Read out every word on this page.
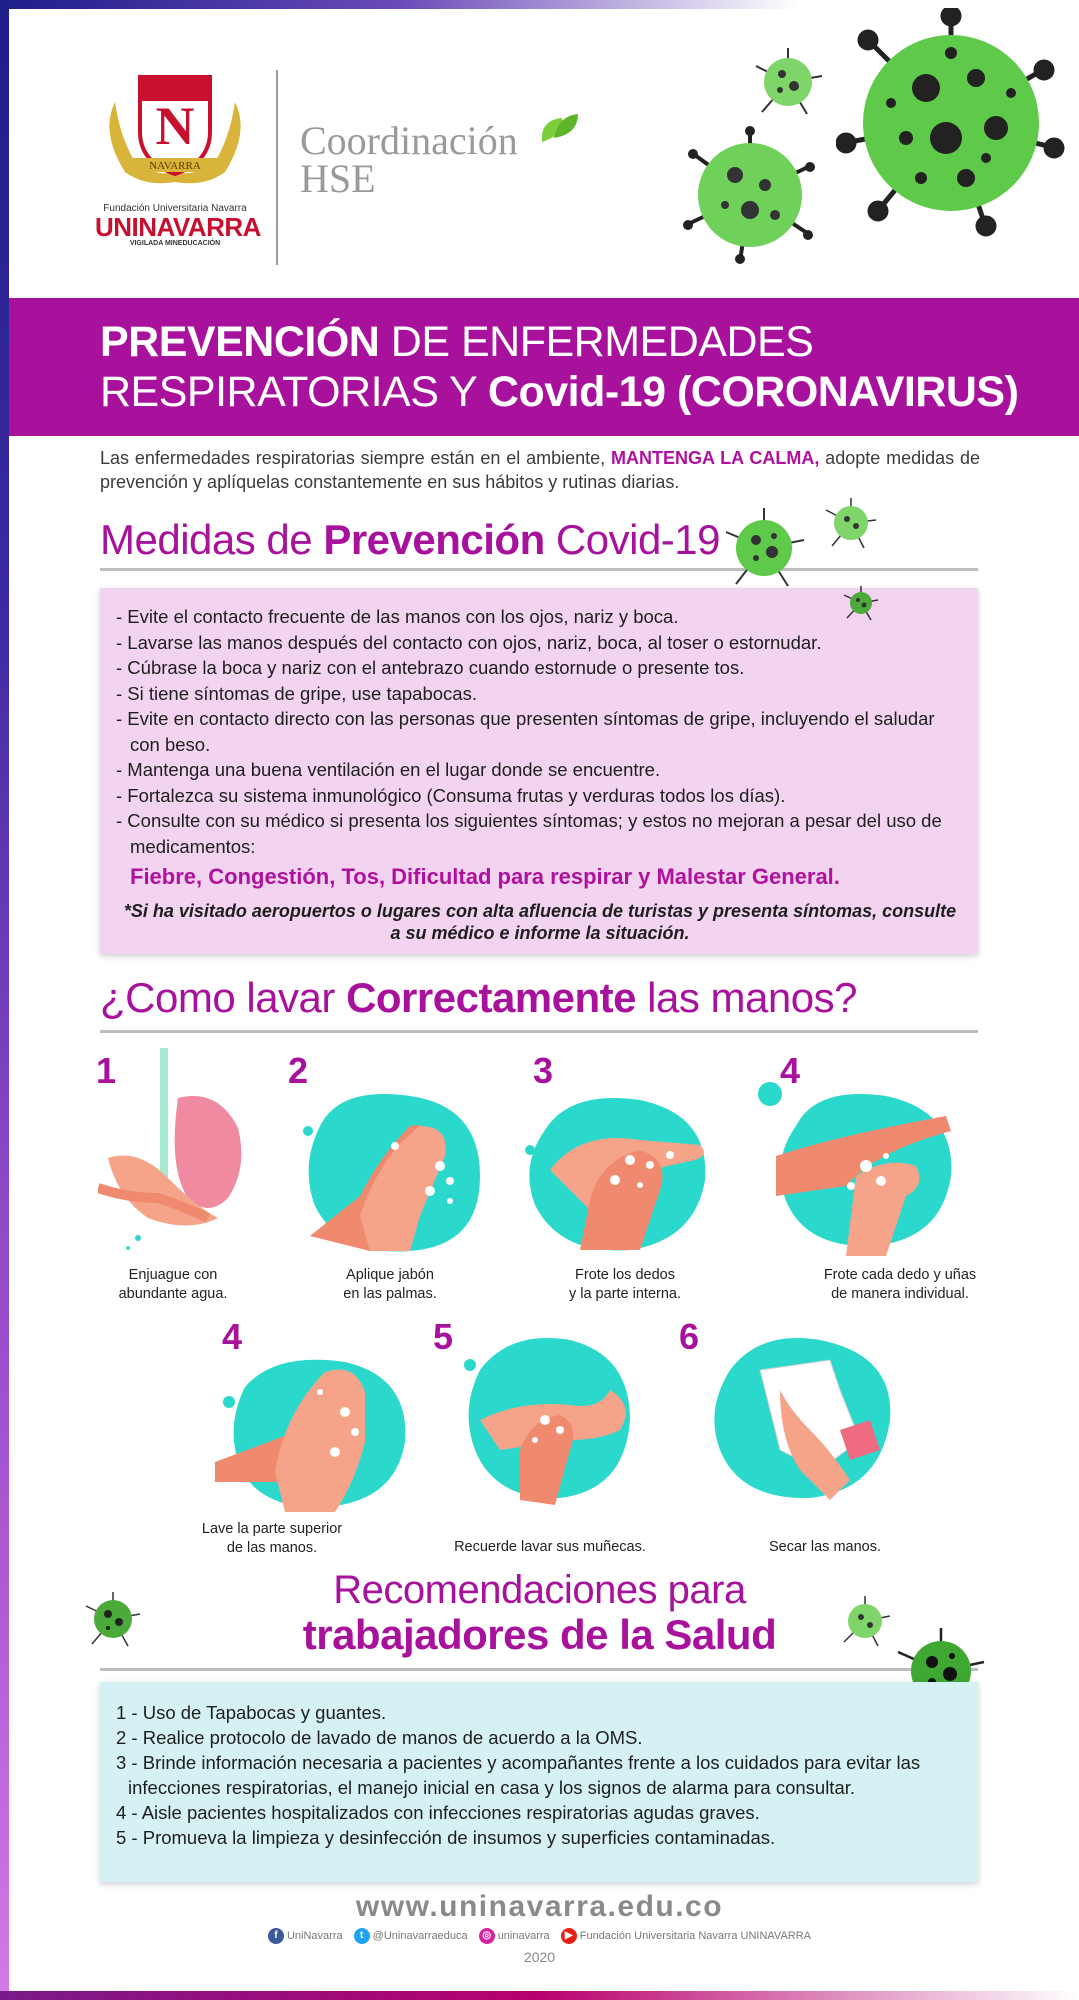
N
NAVARRA
Fundación Universitaria Navarra
UNINAVARRA
VIGILADA MINEDUCACIÓN
Coordinación
HSE
PREVENCIÓN DE ENFERMEDADES
RESPIRATORIAS Y Covid-19 (CORONAVIRUS)

Las enfermedades respiratorias siempre están en el ambiente, MANTENGA LA CALMA, adopte medidas de prevención y aplíquelas constantemente en sus hábitos y rutinas diarias.

Medidas de Prevención Covid-19
- Evite el contacto frecuente de las manos con los ojos, nariz y boca.
- Lavarse las manos después del contacto con ojos, nariz, boca, al toser o estornudar.
- Cúbrase la boca y nariz con el antebrazo cuando estornude o presente tos.
- Si tiene síntomas de gripe, use tapabocas.
- Evite en contacto directo con las personas que presenten síntomas de gripe, incluyendo el saludar con beso.
- Mantenga una buena ventilación en el lugar donde se encuentre.
- Fortalezca su sistema inmunológico (Consuma frutas y verduras todos los días).
- Consulte con su médico si presenta los siguientes síntomas; y estos no mejoran a pesar del uso de medicamentos:
Fiebre, Congestión, Tos, Dificultad para respirar y Malestar General.
*Si ha visitado aeropuertos o lugares con alta afluencia de turistas y presenta síntomas, consulte a su médico e informe la situación.
¿Como lavar Correctamente las manos?
1
Enjuague con
abundante agua.
2
Aplique jabón
en las palmas.
3
Frote los dedos
y la parte interna.
4
Frote cada dedo y uñas
de manera individual.
4
Lave la parte superior
de las manos.
5
Recuerde lavar sus muñecas.
6
Secar las manos.
Recomendaciones para
trabajadores de la Salud
1 - Uso de Tapabocas y guantes.
2 - Realice protocolo de lavado de manos de acuerdo a la OMS.
3 - Brinde información necesaria a pacientes y acompañantes frente a los cuidados para evitar las infecciones respiratorias, el manejo inicial en casa y los signos de alarma para consultar.
4 - Aisle pacientes hospitalizados con infecciones respiratorias agudas graves.
5 - Promueva la limpieza y desinfección de insumos y superficies contaminadas.
www.uninavarra.edu.co
f UniNavarra t @Uninavarraeduca ◎ uninavarra ▶ Fundación Universitaria Navarra UNINAVARRA
2020
